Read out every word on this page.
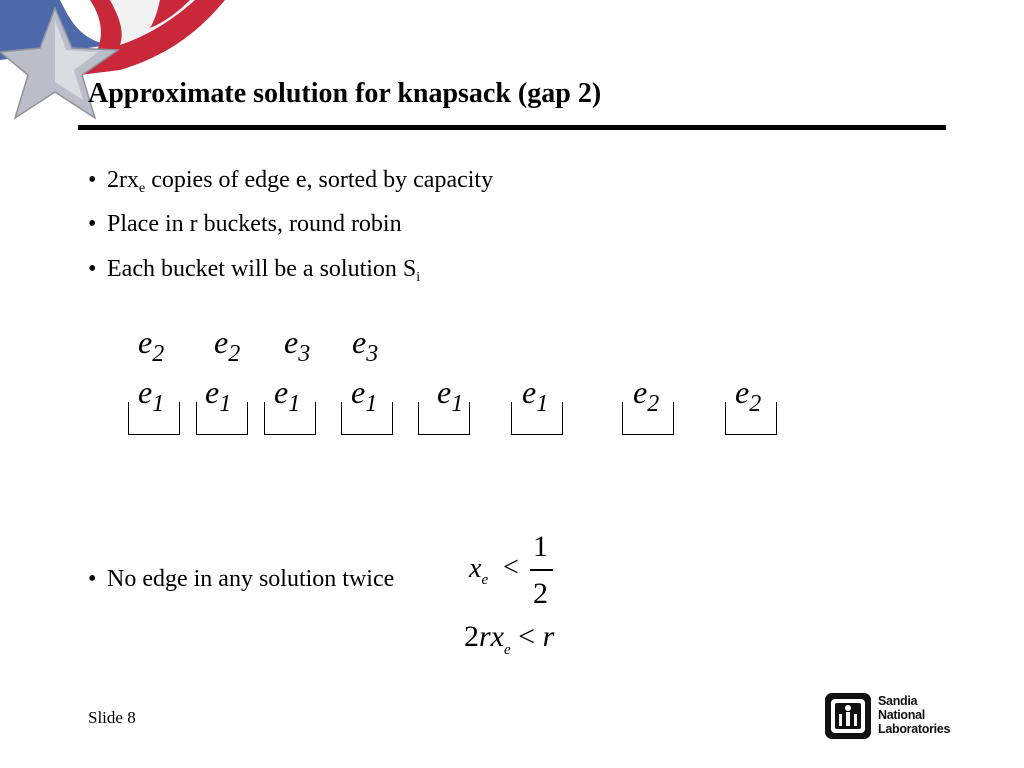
Approximate solution for knapsack (gap 2)
• $2rx_e$ copies of edge e, sorted by capacity
• Place in r buckets, round robin
• Each bucket will be a solution $S_i$
$e_2$ $e_2$ $e_3$ $e_3$
$e_1$ $e_1$ $e_1$ $e_1$ $e_1$ $e_1$	$e_2$ $e_2$
• No edge in any solution twice	$x_e$ <
1
2
$2rx_e < r$
Slide 8
Sandia
National
Laboratories
